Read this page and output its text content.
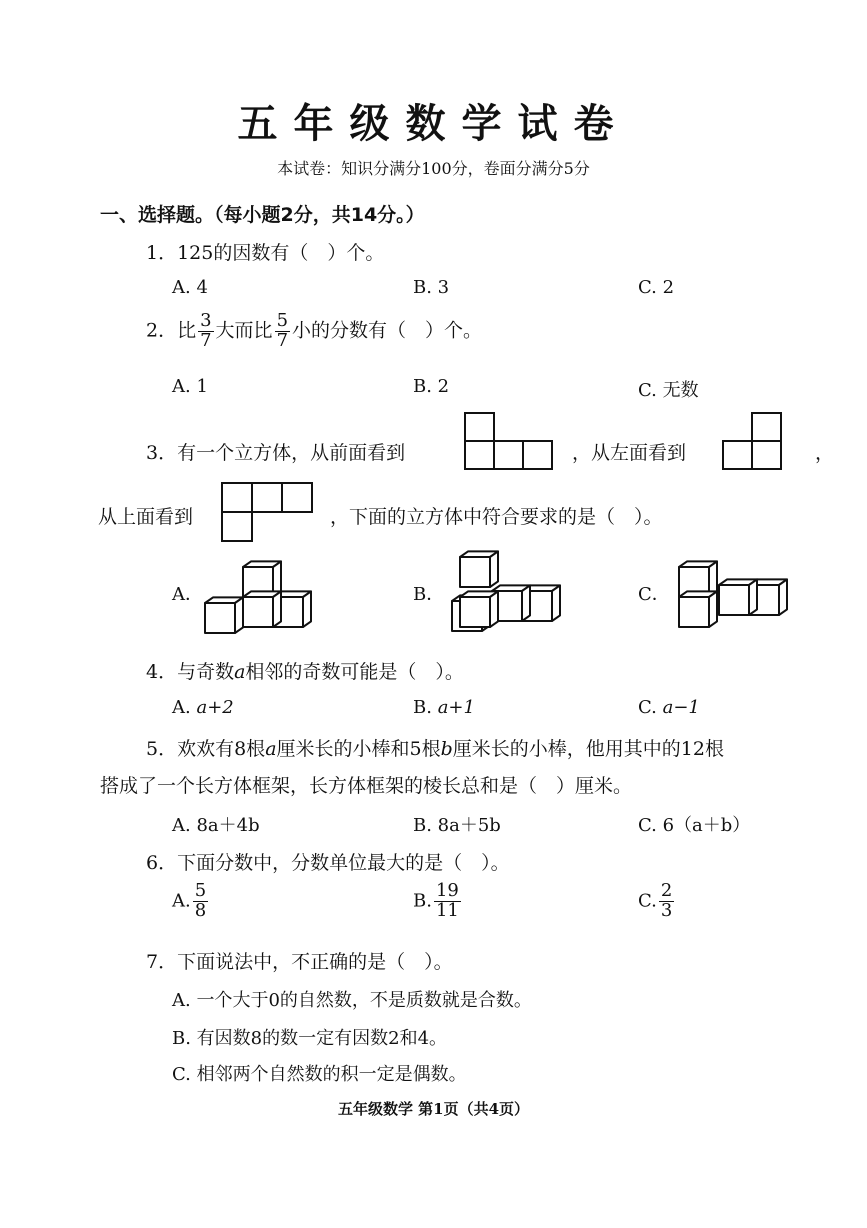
五年级数学试卷
本试卷：知识分满分100分，卷面分满分5分
一、选择题。（每小题2分，共14分。）
1．125的因数有（　）个。
A. 4	B. 3	C. 2
2．比 $\frac{3}{7}$ 大而比 $\frac{5}{7}$ 小的分数有（　）个。
A. 1	B. 2	C. 无数
3．有一个立方体，从前面看到	，从左面看到	，
从上面看到	，下面的立方体中符合要求的是（　）。
A．	B．	C．
4．与奇数a相邻的奇数可能是（　）。
A. a+2	B. a+1	C. a−1
5．欢欢有8根a厘米长的小棒和5根b厘米长的小棒，他用其中的12根
搭成了一个长方体框架，长方体框架的棱长总和是（　）厘米。
A. 8a＋4b	B. 8a＋5b	C. 6（a＋b）
6．下面分数中，分数单位最大的是（　）。
A. $\frac{5}{8}$	B. $\frac{19}{11}$	C. $\frac{2}{3}$
7．下面说法中，不正确的是（　）。
A. 一个大于0的自然数，不是质数就是合数。
B. 有因数8的数一定有因数2和4。
C. 相邻两个自然数的积一定是偶数。
五年级数学 第1页（共4页）
